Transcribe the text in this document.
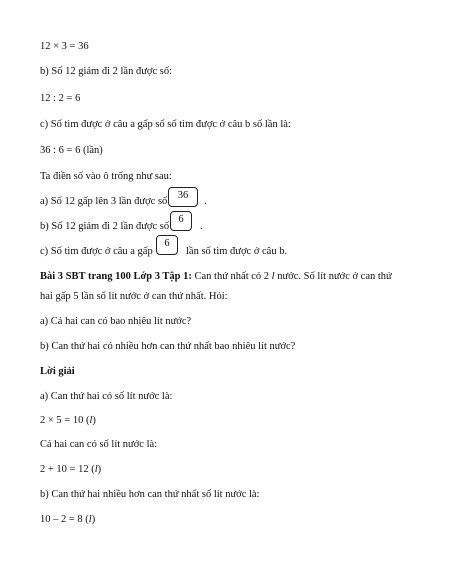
12 × 3 = 36
b) Số 12 giảm đi 2 lần được số:
12 : 2 = 6
c) Số tìm được ở câu a gấp số số tìm được ở câu b số lần là:
36 : 6 = 6 (lần)
Ta điền số vào ô trống như sau:
a) Số 12 gấp lên 3 lần được số
36
.
b) Số 12 giảm đi 2 lần được số
6
.
c) Số tìm được ở câu a gấp
6
lần số tìm được ở câu b.
Bài 3 SBT trang 100 Lớp 3 Tập 1: Can thứ nhất có 2 l nước. Số lít nước ở can thứ
hai gấp 5 lần số lít nước ở can thứ nhất. Hỏi:
a) Cả hai can có bao nhiêu lít nước?
b) Can thứ hai có nhiều hơn can thứ nhất bao nhiêu lít nước?
Lời giải
a) Can thứ hai có số lít nước là:
2 × 5 = 10 (l)
Cả hai can có số lít nước là:
2 + 10 = 12 (l)
b) Can thứ hai nhiều hơn can thứ nhất số lít nước là:
10 – 2 = 8 (l)
